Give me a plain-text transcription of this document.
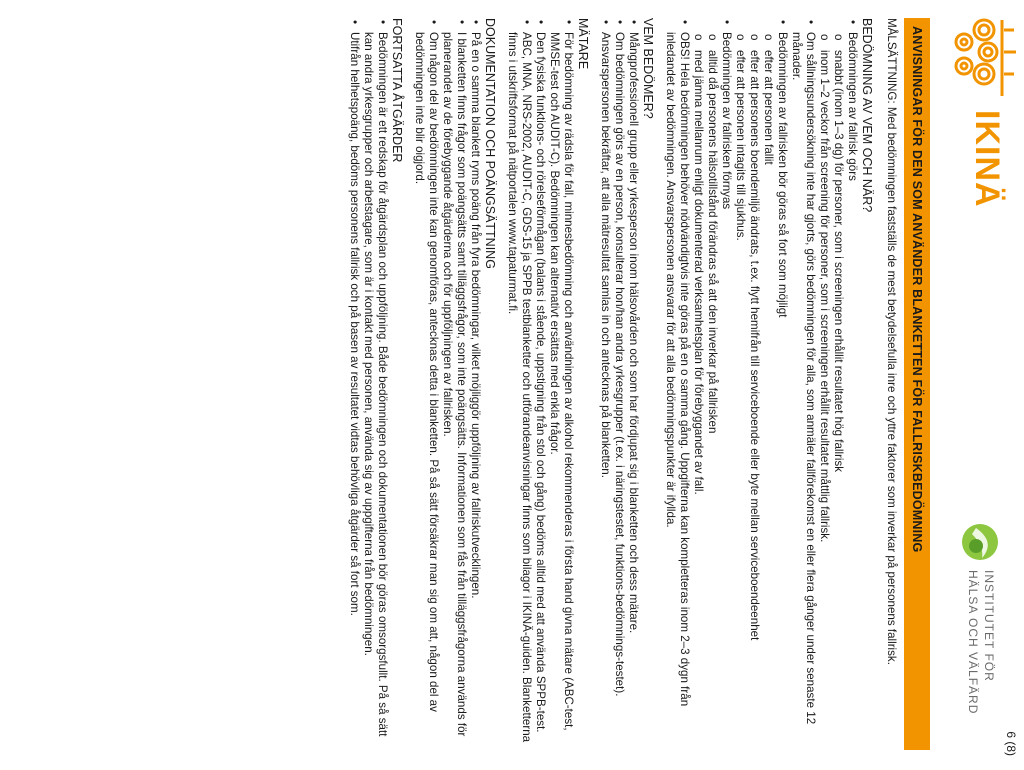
IKINÄ
INSTITUTET FÖR
HÄLSA OCH VÄLFÄRD
6 (8)
ANVISNINGAR FÖR DEN SOM ANVÄNDER BLANKETTEN FÖR FALLRISKBEDÖMNING
MÅLSÄTTNING: Med bedömningen fastställs de mest betydelsefulla inre och yttre faktorer som inverkar på personens fallrisk.
BEDÖMNING AV VEM OCH NÄR?
• Bedömningen av fallrisk görs
o snabbt (inom 1–3 dg) för personer, som i screeningen erhållit resultatet hög fallrisk
o inom 1–2 veckor från screening för personer, som i screeningen erhållit resultatet måttlig fallrisk.
• Om sållningsundersökning inte har gjorts, görs bedömningen för alla, som anmäler fallförekomst en eller flera gånger under senaste 12 månader.
• Bedömningen av fallrisken bör göras så fort som möjligt
o efter att personen fallit
o efter att personens boendemiljö ändrats, t.ex. flytt hemifrån till serviceboende eller byte mellan serviceboendeenhet
o efter att personen intagits till sjukhus.
• Bedömningen av fallrisken förnyas
o alltid då personens hälsotillstånd förändras så att den inverkar på fallrisken
o med jämna mellanrum enligt dokumenterad verksamhetsplan för förebyggandet av fall.
• OBS! Hela bedömningen behöver nödvändigtvis inte göras på en o samma gång. Uppgifterna kan kompletteras inom 2–3 dygn från inledandet av bedömningen. Ansvarspersonen ansvarar för att alla bedömningspunkter är ifyllda.
VEM BEDÖMER?
• Mångprofessionell grupp eller yrkesperson inom hälsovården och som har fördjupat sig i blanketten och dess mätare.
• Om bedömningen görs av en person, konsulterar hon/han andra yrkesgrupper (t.ex. i näringstestet, funktions-bedömnings-testet).
• Ansvarspersonen bekräftar, att alla mätresultat samlas in och antecknas på blanketten.
MÄTARE
• För bedömning av rädsla för fall, minnesbedömning och användningen av alkohol rekommenderas i första hand givna mätare (ABC-test, MMSE-test och AUDIT-C). Bedömningen kan alternativt ersättas med enkla frågor.
• Den fysiska funktions- och rörelseförmågan (balans i stående, uppstigning från stol och gång) bedöms alltid med att använda SPPB-test.
• ABC, MNA, NRS-2002, AUDIT-C, GDS-15 ja SPPB testblanketter och utförandeanvisningar finns som bilagor i IKINÄ-guiden. Blanketterna finns i utskriftsformat på nätportalen www.tapaturmat.fi.
DOKUMENTATION OCH POÄNGSÄTTNING
• På en o samma blankett ryms poäng från fyra bedömningar, vilket möjliggör uppföljning av fallriskutvecklingen.
• I blanketten finns frågor som poängsätts samt tilläggsfrågor, som inte poängsätts. Informationen som fås från tilläggsfrågorna används för planerandet av de förebyggande åtgärderna och för uppföljningen av fallrisken.
• Om någon del av bedömningen inte kan genomföras, antecknas detta i blanketten. På så sätt försäkrar man sig om att, någon del av bedömningen inte blir oigjord.
FORTSATTA ÅTGÄRDER
• Bedömningen är ett redskap för åtgärdsplan och uppföljning. Både bedömningen och dokumentationen bör göras omsorgsfullt. På så sätt kan andra yrkesgrupper och arbetstagare, som är i kontakt med personen, använda sig av uppgifterna från bedömningen.
• Utifrån helhetspoäng, bedöms personens fallrisk och på basen av resultatet vidtas behövliga åtgärder så fort som.
